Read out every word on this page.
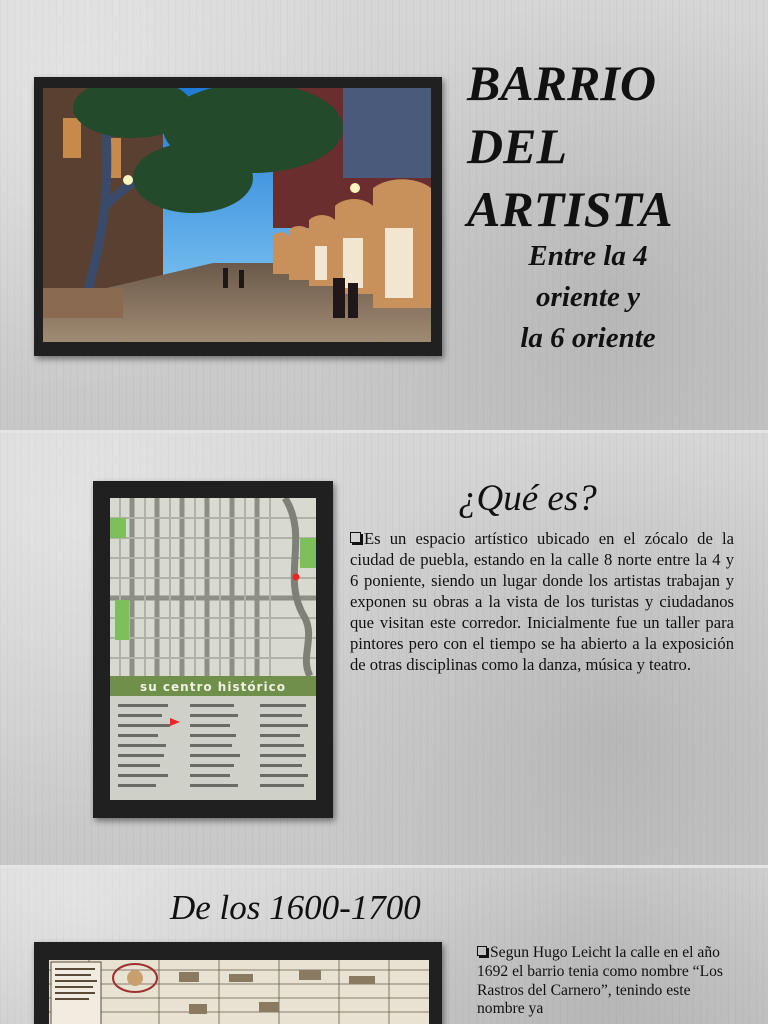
BARRIO
DEL
ARTISTA
Entre la 4
oriente y
la 6 oriente
su centro histórico
¿Qué es?
Es un espacio artístico ubicado en el zócalo de la ciudad de puebla, estando en la calle 8 norte entre la 4 y 6 poniente, siendo un lugar donde los artistas trabajan y exponen su obras a la vista de los turistas y ciudadanos que visitan este corredor. Inicialmente fue un taller para pintores pero con el tiempo se ha abierto a la exposición de otras disciplinas como la danza, música y teatro.
De los 1600-1700
Segun Hugo Leicht la calle en el año 1692 el barrio tenia como nombre “Los Rastros del Carnero”, tenindo este nombre ya
